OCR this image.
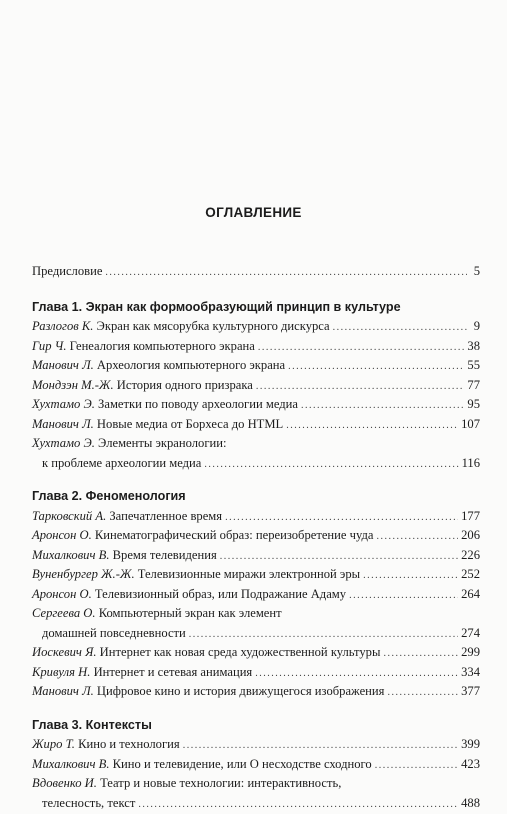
ОГЛАВЛЕНИЕ
Предисловие .....	5
Глава 1. Экран как формообразующий принцип в культуре
Разлогов К. Экран как мясорубка культурного дискурса .....	9
Гир Ч. Генеалогия компьютерного экрана .....	38
Манович Л. Археология компьютерного экрана .....	55
Мондзэн М.-Ж. История одного призрака .....	77
Хухтамо Э. Заметки по поводу археологии медиа .....	95
Манович Л. Новые медиа от Борхеса до HTML .....	107
Хухтамо Э. Элементы экранологии:
к проблеме археологии медиа .....	116
Глава 2. Феноменология
Тарковский А. Запечатленное время .....	177
Аронсон О. Кинематографический образ: переизобретение чуда .....	206
Михалкович В. Время телевидения .....	226
Вуненбургер Ж.-Ж. Телевизионные миражи электронной эры .....	252
Аронсон О. Телевизионный образ, или Подражание Адаму .....	264
Сергеева О. Компьютерный экран как элемент
домашней повседневности .....	274
Иоскевич Я. Интернет как новая среда художественной культуры .....	299
Кривуля Н. Интернет и сетевая анимация .....	334
Манович Л. Цифровое кино и история движущегося изображения .....	377
Глава 3. Контексты
Жиро Т. Кино и технология .....	399
Михалкович В. Кино и телевидение, или О несходстве сходного .....	423
Вдовенко И. Театр и новые технологии: интерактивность,
телесность, текст .....	488
